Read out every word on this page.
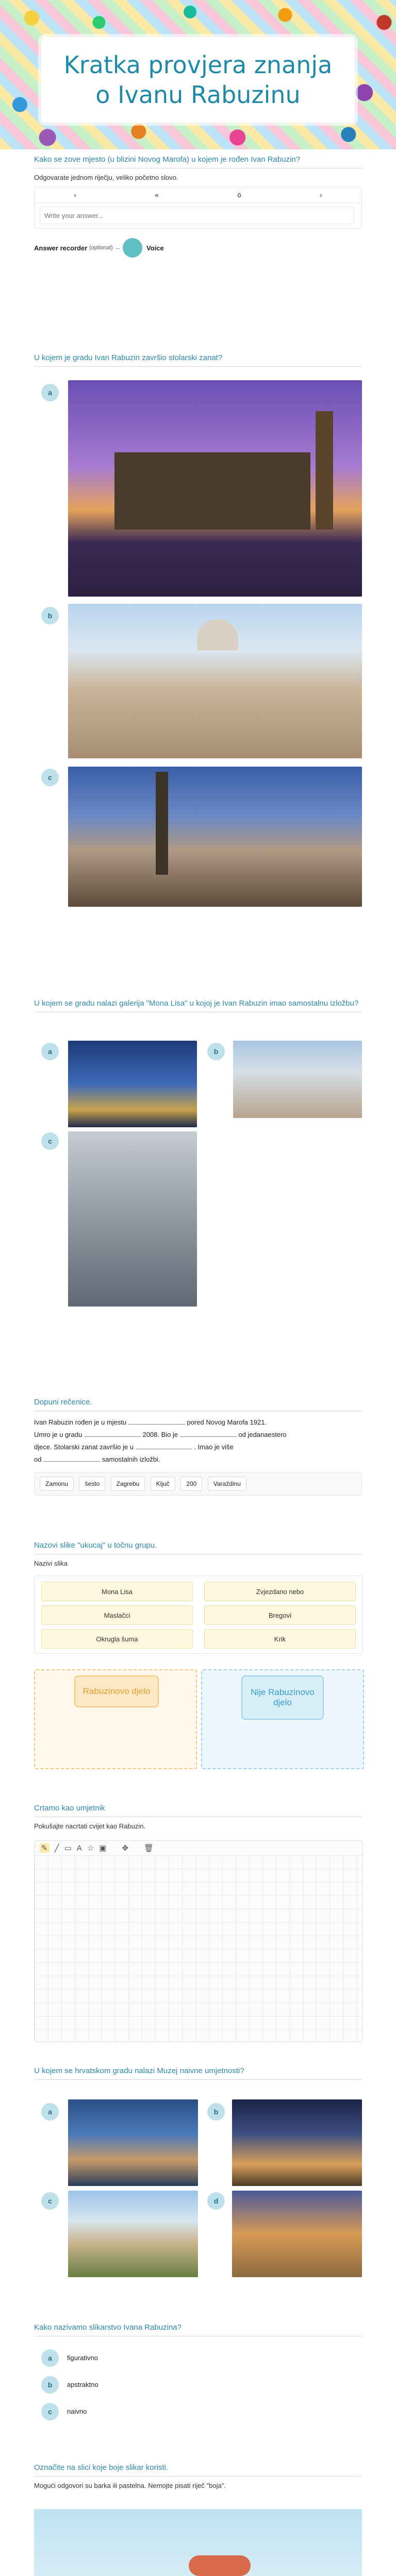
Kratka provjera znanja o Ivanu Rabuzinu
Kako se zove mjesto (u blizini Novog Marofa) u kojem je rođen Ivan Rabuzin?
Odgovarate jednom riječju, veliko početno slovo.
‹	«	ö	›
Write your answer...
Answer recorder
(optional) –	Voice
U kojem je gradu Ivan Rabuzin završio stolarski zanat?
a
b
c
U kojem se gradu nalazi galerija "Mona Lisa" u kojoj je Ivan Rabuzin imao samostalnu izložbu?
a	b
c
Dopuni rečenice.
Ivan Rabuzin rođen je u mjestu	pored Novog Marofa 1921.
Umro je u gradu	2008. Bio je	od jedanaestero
djece. Stolarski zanat završio je u	. Imao je više
od	samostalnih izložbi.
Zamonu	šesto	Zagrebu	Ključ	200	Varaždinu
Nazovi slike "ukucaj" u točnu grupu.
Nazivi slika
Mona Lisa	Zvjezdano nebo
Maslačci	Bregovi
Okrugla šuma	Krik
Rabuzinovo djelo	Nije Rabuzinovo djelo
Crtamo kao umjetnik
Pokušajte nacrtati cvijet kao Rabuzin.
✎ ╱ ▭ A ☆ ▣ ✥ 🗑
U kojem se hrvatskom gradu nalazi Muzej naivne umjetnosti?
a	b
c	d
Kako nazivamo slikarstvo Ivana Rabuzina?
a	figurativno
b	apstraktno
c	naivno
Označite na slici koje boje slikar koristi.
Mogući odgovori su barka ili pastelna. Nemojte pisati riječ "boja".
